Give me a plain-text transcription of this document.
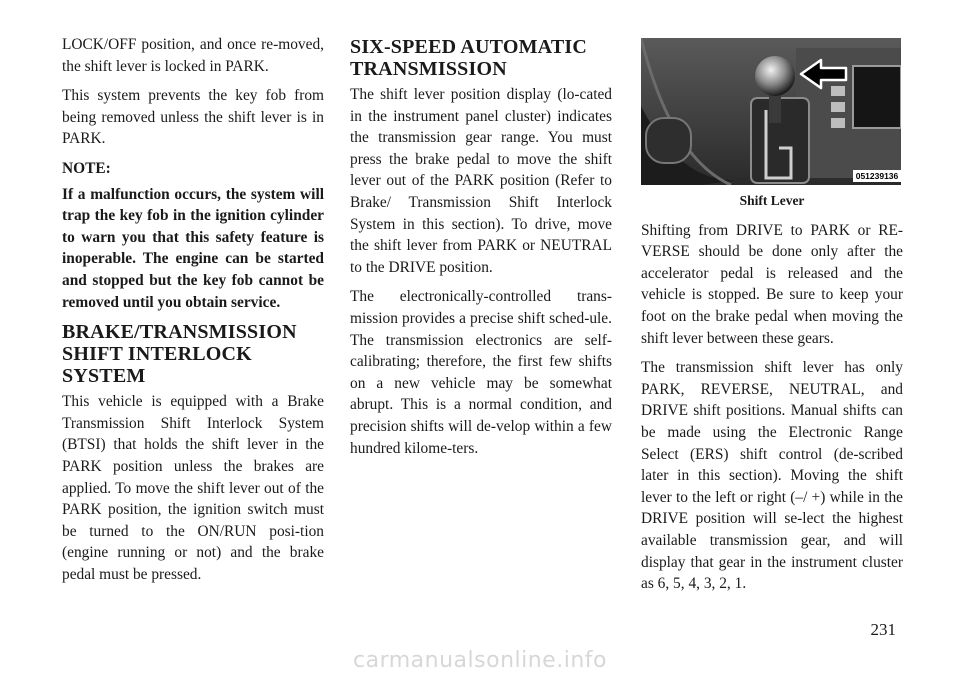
LOCK/OFF position, and once re-moved, the shift lever is locked in PARK.

This system prevents the key fob from being removed unless the shift lever is in PARK.

NOTE:

If a malfunction occurs, the system will trap the key fob in the ignition cylinder to warn you that this safety feature is inoperable. The engine can be started and stopped but the key fob cannot be removed until you obtain service.

BRAKE/TRANSMISSION SHIFT INTERLOCK SYSTEM

This vehicle is equipped with a Brake Transmission Shift Interlock System (BTSI) that holds the shift lever in the PARK position unless the brakes are applied. To move the shift lever out of the PARK position, the ignition switch must be turned to the ON/RUN posi-tion (engine running or not) and the brake pedal must be pressed.

SIX-SPEED AUTOMATIC TRANSMISSION

The shift lever position display (lo-cated in the instrument panel cluster) indicates the transmission gear range. You must press the brake pedal to move the shift lever out of the PARK position (Refer to Brake/ Transmission Shift Interlock System in this section). To drive, move the shift lever from PARK or NEUTRAL to the DRIVE position.

The electronically-controlled trans-mission provides a precise shift sched-ule. The transmission electronics are self-calibrating; therefore, the first few shifts on a new vehicle may be somewhat abrupt. This is a normal condition, and precision shifts will de-velop within a few hundred kilome-ters.

051239136
Shift Lever

Shifting from DRIVE to PARK or RE-VERSE should be done only after the accelerator pedal is released and the vehicle is stopped. Be sure to keep your foot on the brake pedal when moving the shift lever between these gears.

The transmission shift lever has only PARK, REVERSE, NEUTRAL, and DRIVE shift positions. Manual shifts can be made using the Electronic Range Select (ERS) shift control (de-scribed later in this section). Moving the shift lever to the left or right (–/ +) while in the DRIVE position will se-lect the highest available transmission gear, and will display that gear in the instrument cluster as 6, 5, 4, 3, 2, 1.

231
carmanualsonline.info
